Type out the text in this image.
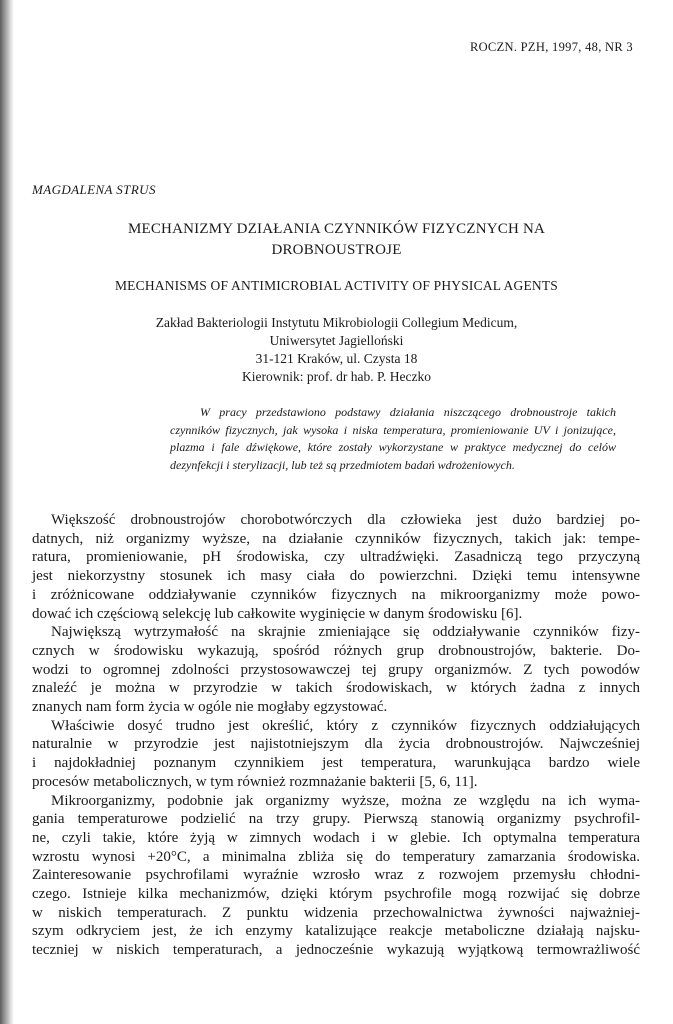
ROCZN. PZH, 1997, 48, NR 3
MAGDALENA STRUS
MECHANIZMY DZIAŁANIA CZYNNIKÓW FIZYCZNYCH NA
DROBNOUSTROJE
MECHANISMS OF ANTIMICROBIAL ACTIVITY OF PHYSICAL AGENTS
Zakład Bakteriologii Instytutu Mikrobiologii Collegium Medicum,
Uniwersytet Jagielloński
31-121 Kraków, ul. Czysta 18
Kierownik: prof. dr hab. P. Heczko
W pracy przedstawiono podstawy działania niszczącego drobnoustroje takich czynników fizycznych, jak wysoka i niska temperatura, promieniowanie UV i jonizujące, plazma i fale dźwiękowe, które zostały wykorzystane w praktyce medycznej do celów dezynfekcji i sterylizacji, lub też są przedmiotem badań wdrożeniowych.
Większość drobnoustrojów chorobotwórczych dla człowieka jest dużo bardziej po-
datnych, niż organizmy wyższe, na działanie czynników fizycznych, takich jak: tempe-
ratura, promieniowanie, pH środowiska, czy ultradźwięki. Zasadniczą tego przyczyną
jest niekorzystny stosunek ich masy ciała do powierzchni. Dzięki temu intensywne
i zróżnicowane oddziaływanie czynników fizycznych na mikroorganizmy może powo-
dować ich częściową selekcję lub całkowite wyginięcie w danym środowisku [6].
Największą wytrzymałość na skrajnie zmieniające się oddziaływanie czynników fizy-
cznych w środowisku wykazują, spośród różnych grup drobnoustrojów, bakterie. Do-
wodzi to ogromnej zdolności przystosowawczej tej grupy organizmów. Z tych powodów
znaleźć je można w przyrodzie w takich środowiskach, w których żadna z innych
znanych nam form życia w ogóle nie mogłaby egzystować.
Właściwie dosyć trudno jest określić, który z czynników fizycznych oddziałujących
naturalnie w przyrodzie jest najistotniejszym dla życia drobnoustrojów. Najwcześniej
i najdokładniej poznanym czynnikiem jest temperatura, warunkująca bardzo wiele
procesów metabolicznych, w tym również rozmnażanie bakterii [5, 6, 11].
Mikroorganizmy, podobnie jak organizmy wyższe, można ze względu na ich wyma-
gania temperaturowe podzielić na trzy grupy. Pierwszą stanowią organizmy psychrofil-
ne, czyli takie, które żyją w zimnych wodach i w glebie. Ich optymalna temperatura
wzrostu wynosi +20°C, a minimalna zbliża się do temperatury zamarzania środowiska.
Zainteresowanie psychrofilami wyraźnie wzrosło wraz z rozwojem przemysłu chłodni-
czego. Istnieje kilka mechanizmów, dzięki którym psychrofile mogą rozwijać się dobrze
w niskich temperaturach. Z punktu widzenia przechowalnictwa żywności najważniej-
szym odkryciem jest, że ich enzymy katalizujące reakcje metaboliczne działają najsku-
teczniej w niskich temperaturach, a jednocześnie wykazują wyjątkową termowrażliwość
